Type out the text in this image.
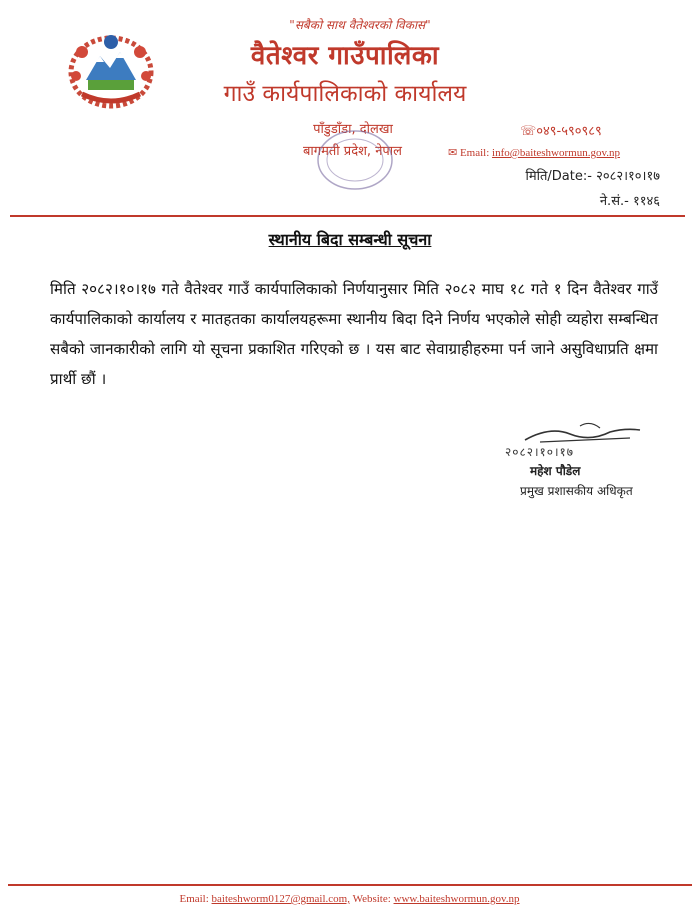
"सबैको साथ वैतेश्वरको विकास"
वैतेश्वर गाउँपालिका
गाउँ कार्यपालिकाको कार्यालय
पाँडुडाँडा, दोलखा
बागमती प्रदेश, नेपाल
☏०४९-५९०९८९
✉ Email: info@baiteshwormun.gov.np
मिति/Date:- २०८२।१०।१७
ने.सं.- ११४६
स्थानीय बिदा सम्बन्धी सूचना
मिति २०८२।१०।१७ गते वैतेश्वर गाउँ कार्यपालिकाको निर्णयानुसार मिति २०८२ माघ १८ गते १ दिन वैतेश्वर गाउँ कार्यपालिकाको कार्यालय र मातहतका कार्यालयहरूमा स्थानीय बिदा दिने निर्णय भएकोले सोही व्यहोरा सम्बन्धित सबैको जानकारीको लागि यो सूचना प्रकाशित गरिएको छ । यस बाट सेवाग्राहीहरुमा पर्न जाने असुविधाप्रति क्षमा प्रार्थी छौं ।
२०८२।१०।१७
महेश पौडेल
प्रमुख प्रशासकीय अधिकृत
Email: baiteshworm0127@gmail.com, Website: www.baiteshwormun.gov.np
